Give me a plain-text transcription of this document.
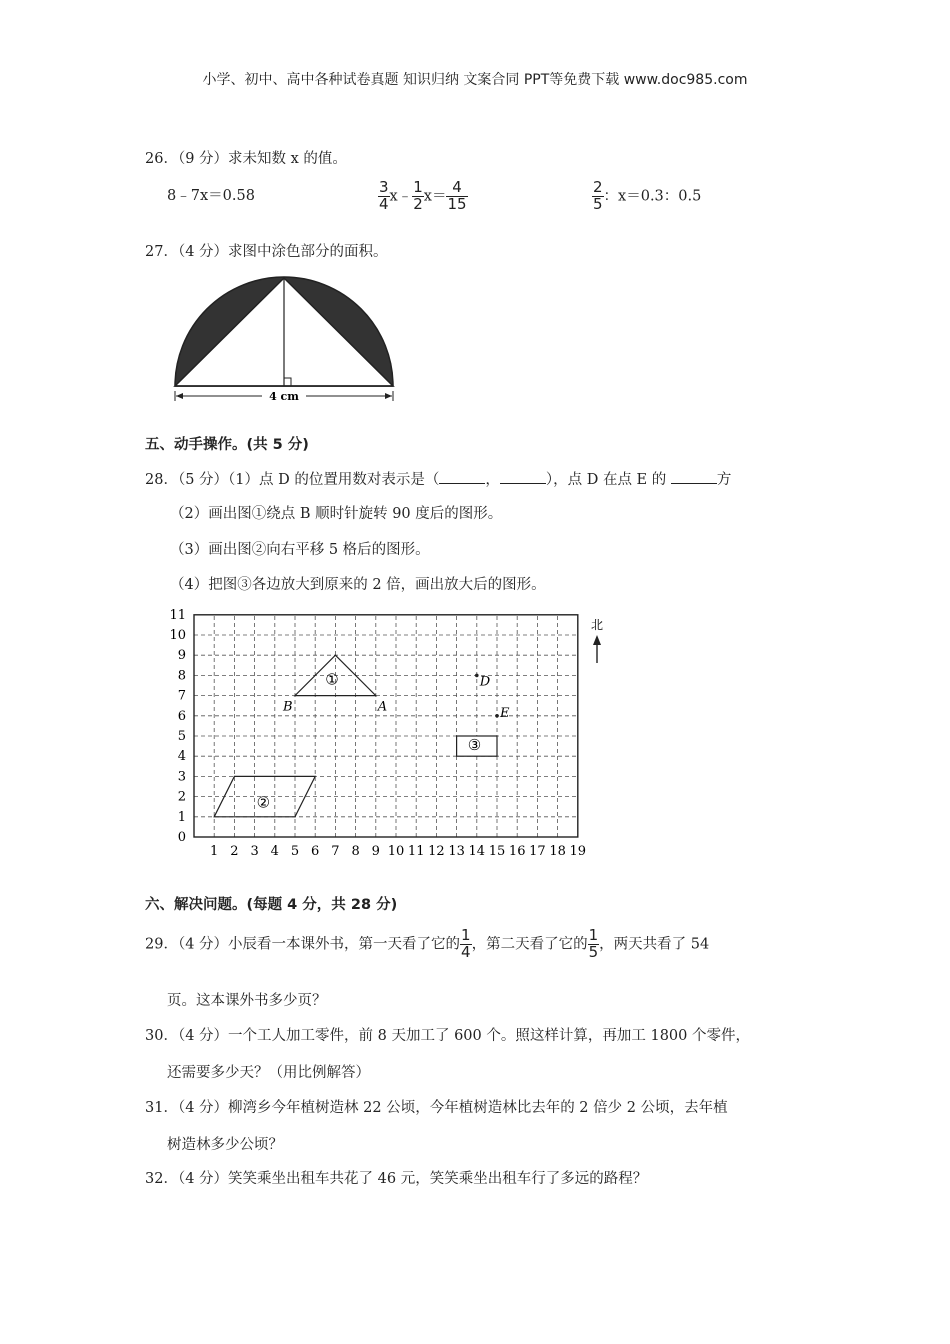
小学、初中、高中各种试卷真题 知识归纳 文案合同 PPT等免费下载 www.doc985.com
26．（9 分）求未知数 x 的值。
8﹣7x＝0.58	$\frac{3}{4}$ x﹣ $\frac{1}{2} x= \frac{4}{15}$	$\frac{2}{5}$ ：x＝0.3：0.5
27．（4 分）求图中涂色部分的面积。
4 cm
五、动手操作。(共 5 分)
28．（5 分）（1）点 D 的位置用数对表示是（	，	），点 D 在点 E 的	方
（2）画出图①绕点 B 顺时针旋转 90 度后的图形。
（3）画出图②向右平移 5 格后的图形。
（4）把图③各边放大到原来的 2 倍，画出放大后的图形。
1 2 3 4 5 6 7 8 9 10 11 12 13 14 15 16 17 18 19
0
1
2
3
4
5
6
7
8
9
10
11
B	A
①
②
③
D
E
北
六、解决问题。(每题 4 分，共 28 分)
29．（4 分）小辰看一本课外书，第一天看了它的 $\frac{1}{4}$ ，第二天看了它的 $\frac{1}{5}$ ，两天共看了 54
页。这本课外书多少页？
30．（4 分）一个工人加工零件，前 8 天加工了 600 个。照这样计算，再加工 1800 个零件，
还需要多少天？（用比例解答）
31．（4 分）柳湾乡今年植树造林 22 公顷，今年植树造林比去年的 2 倍少 2 公顷，去年植
树造林多少公顷？
32．（4 分）笑笑乘坐出租车共花了 46 元，笑笑乘坐出租车行了多远的路程？
